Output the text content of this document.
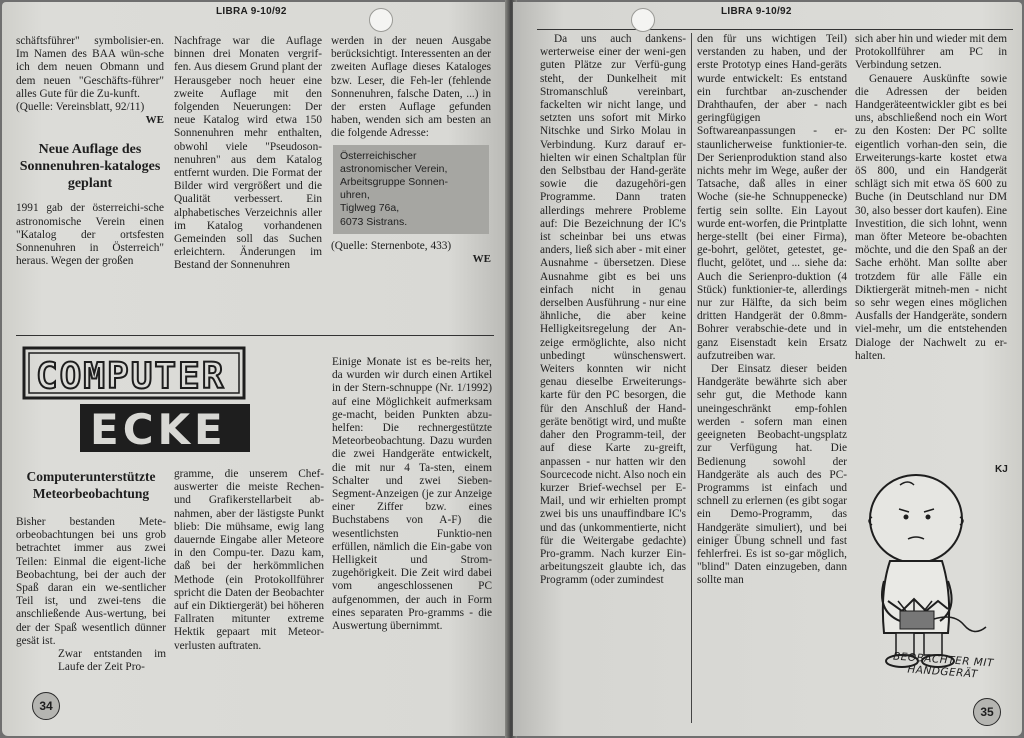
LIBRA 9-10/92

schäftsführer" symbolisier-en. Im Namen des BAA wün-sche ich dem neuen Obmann und dem neuen "Geschäfts-führer" alles Gute für die Zu-kunft.

(Quelle: Vereinsblatt, 92/11)

WE

Neue Auflage des Sonnenuhren-kataloges geplant

1991 gab der österreichi-sche astronomische Verein einen "Katalog der ortsfesten Sonnenuhren in Österreich" heraus. Wegen der großen

Nachfrage war die Auflage binnen drei Monaten vergrif-fen. Aus diesem Grund plant der Herausgeber noch heuer eine zweite Auflage mit den folgenden Neuerungen: Der neue Katalog wird etwa 150 Sonnenuhren mehr enthalten, obwohl viele "Pseudoson-nenuhren" aus dem Katalog entfernt wurden. Die Format der Bilder wird vergrößert und die Qualität verbessert. Ein alphabetisches Verzeichnis aller im Katalog vorhandenen Gemeinden soll das Suchen erleichtern. Änderungen im Bestand der Sonnenuhren

werden in der neuen Ausgabe berücksichtigt. Interessenten an der zweiten Auflage dieses Kataloges bzw. Leser, die Feh-ler (fehlende Sonnenuhren, falsche Daten, ...) in der ersten Auflage gefunden haben, wenden sich am besten an die folgende Adresse:

Österreichischer
astronomischer Verein,
Arbeitsgruppe Sonnen-
uhren,
Tiglweg 76a,
6073 Sistrans.

(Quelle: Sternenbote, 433)

WE

COMPUTER
ECKE

Computerunterstützte Meteorbeobachtung

Bisher bestanden Mete-orbeobachtungen bei uns grob betrachtet immer aus zwei Teilen: Einmal die eigent-liche Beobachtung, bei der auch der Spaß daran ein we-sentlicher Teil ist, und zwei-tens die anschließende Aus-wertung, bei der der Spaß wesentlich dünner gesät ist.

Zwar entstanden im Laufe der Zeit Pro-

gramme, die unserem Chef-auswerter die meiste Rechen-und Grafikerstellarbeit ab-nahmen, aber der lästigste Punkt blieb: Die mühsame, ewig lang dauernde Eingabe aller Meteore in den Compu-ter. Dazu kam, daß bei der herkömmlichen Methode (ein Protokollführer spricht die Daten der Beobachter auf ein Diktiergerät) bei höheren Fallraten mitunter extreme Hektik gepaart mit Meteor-verlusten auftraten.

Einige Monate ist es be-reits her, da wurden wir durch einen Artikel in der Stern-schnuppe (Nr. 1/1992) auf eine Möglichkeit aufmerksam ge-macht, beiden Punkten abzu-helfen: Die rechnergestützte Meteorbeobachtung. Dazu wurden die zwei Handgeräte entwickelt, die mit nur 4 Ta-sten, einem Schalter und zwei Sieben-Segment-Anzeigen (je zur Anzeige einer Ziffer bzw. eines Buchstabens von A-F) die wesentlichsten Funktio-nen erfüllen, nämlich die Ein-gabe von Helligkeit und Strom-zugehörigkeit. Die Zeit wird dabei vom angeschlossenen PC aufgenommen, der auch in Form eines separaten Pro-gramms - die Auswertung übernimmt.

34
LIBRA 9-10/92

Da uns auch dankens-werterweise einer der weni-gen guten Plätze zur Verfü-gung steht, der Dunkelheit mit Stromanschluß vereinbart, fackelten wir nicht lange, und setzten uns sofort mit Mirko Nitschke und Sirko Molau in Verbindung. Kurz darauf er-hielten wir einen Schaltplan für den Selbstbau der Hand-geräte sowie die dazugehöri-gen Programme. Dann traten allerdings mehrere Probleme auf: Die Bezeichnung der IC's ist scheinbar bei uns etwas anders, ließ sich aber - mit einer Ausnahme - übersetzen. Diese Ausnahme gibt es bei uns einfach nicht in genau derselben Ausführung - nur eine ähnliche, die aber keine Helligkeitsregelung der An-zeige ermöglichte, also nicht unbedingt wünschenswert. Weiters konnten wir nicht genau dieselbe Erweiterungs-karte für den PC besorgen, die für den Anschluß der Hand-geräte benötigt wird, und mußte daher den Programm-teil, der auf diese Karte zu-greift, anpassen - nur hatten wir den Sourcecode nicht. Also noch ein kurzer Brief-wechsel per E-Mail, und wir erhielten prompt zwei bis uns unauffindbare IC's und das (unkommentierte, nicht für die Weitergabe gedachte) Pro-gramm. Nach kurzer Ein-arbeitungszeit glaubte ich, das Programm (oder zumindest

den für uns wichtigen Teil) verstanden zu haben, und der erste Prototyp eines Hand-geräts wurde entwickelt: Es entstand ein furchtbar an-zuschender Drahthaufen, der aber - nach geringfügigen Softwareanpassungen - er-staunlicherweise funktionier-te. Der Serienproduktion stand also nichts mehr im Wege, außer der Tatsache, daß alles in einer Woche (sie-he Schnuppenecke) fertig sein sollte. Ein Layout wurde ent-worfen, die Printplatte herge-stellt (bei einer Firma), ge-bohrt, gelötet, getestet, ge-flucht, gelötet, und ... siehe da: Auch die Serienpro-duktion (4 Stück) funktionier-te, allerdings nur zur Hälfte, da sich beim dritten Handgerät der 0.8mm-Bohrer verabschie-dete und in ganz Eisenstadt kein Ersatz aufzutreiben war.

Der Einsatz dieser beiden Handgeräte bewährte sich aber sehr gut, die Methode kann uneingeschränkt emp-fohlen werden - sofern man einen geeigneten Beobacht-ungsplatz zur Verfügung hat. Die Bedienung sowohl der Handgeräte als auch des PC-Programms ist einfach und schnell zu erlernen (es gibt sogar ein Demo-Programm, das Handgeräte simuliert), und bei einiger Übung schnell und fast fehlerfrei. Es ist so-gar möglich, "blind" Daten einzugeben, dann sollte man

sich aber hin und wieder mit dem Protokollführer am PC in Verbindung setzen.

Genauere Auskünfte sowie die Adressen der beiden Handgeräteentwickler gibt es bei uns, abschließend noch ein Wort zu den Kosten: Der PC sollte eigentlich vorhan-den sein, die Erweiterungs-karte kostet etwa öS 800, und ein Handgerät schlägt sich mit etwa öS 600 zu Buche (in Deutschland nur DM 30, also besser dort kaufen). Eine Investition, die sich lohnt, wenn man öfter Meteore be-obachten möchte, und die den Spaß an der Sache erhöht. Man sollte aber trotzdem für alle Fälle ein Diktiergerät mitneh-men - nicht so sehr wegen eines möglichen Ausfalls der Handgeräte, sondern viel-mehr, um die entstehenden Dialoge der Nachwelt zu er-halten.

KJ
BEOBACHTER MIT HANDGERÄT
35
